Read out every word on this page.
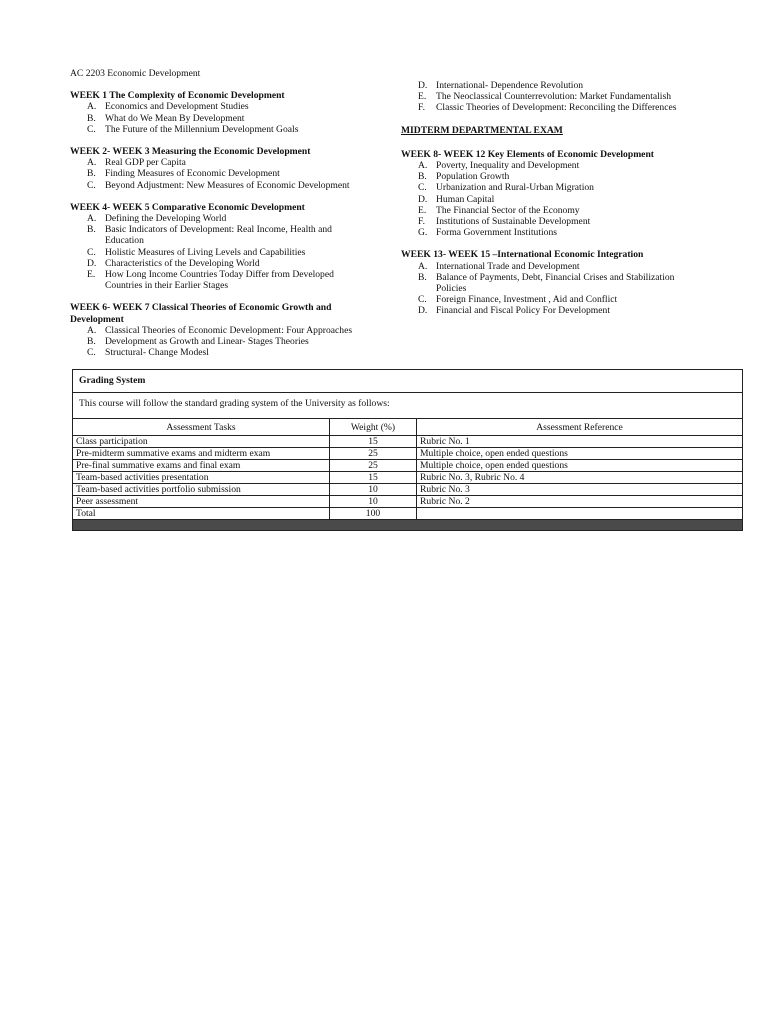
AC 2203 Economic Development
WEEK 1 The Complexity of Economic Development
A. Economics and Development Studies
B. What do We Mean By Development
C. The Future of the Millennium Development Goals
WEEK 2- WEEK 3 Measuring the Economic Development
A. Real GDP per Capita
B. Finding Measures of Economic Development
C. Beyond Adjustment: New Measures of Economic Development
WEEK 4- WEEK 5 Comparative Economic Development
A. Defining the Developing World
B. Basic Indicators of Development: Real Income, Health and Education
C. Holistic Measures of Living Levels and Capabilities
D. Characteristics of the Developing World
E.	How Long Income Countries Today Differ from Developed Countries in their Earlier Stages
WEEK 6- WEEK 7 Classical Theories of Economic Growth and Development
A. Classical Theories of Economic Development: Four Approaches
B. Development as Growth and Linear- Stages Theories
C. Structural- Change Modesl
D. International- Dependence Revolution
E.	The Neoclassical Counterrevolution: Market Fundamentalish
F.	Classic Theories of Development: Reconciling the Differences
MIDTERM DEPARTMENTAL EXAM
WEEK 8- WEEK 12 Key Elements of Economic Development
A. Poverty, Inequality and Development
B. Population Growth
C. Urbanization and Rural-Urban Migration
D. Human Capital
E.	The Financial Sector of the Economy
F.	Institutions of Sustainable Development
G. Forma Government Institutions
WEEK 13- WEEK 15 –International Economic Integration
A. International Trade and Development
B. Balance of Payments, Debt, Financial Crises and Stabilization Policies
C. Foreign Finance, Investment , Aid and Conflict
D. Financial and Fiscal Policy For Development
Grading System
This course will follow the standard grading system of the University as follows:
Assessment Tasks	Weight (%)	Assessment Reference
Class participation	15	Rubric No. 1
Pre-midterm summative exams and midterm exam	25	Multiple choice, open ended questions
Pre-final summative exams and final exam	25	Multiple choice, open ended questions
Team-based activities presentation	15	Rubric No. 3, Rubric No. 4
Team-based activities portfolio submission	10	Rubric No. 3
Peer assessment	10	Rubric No. 2
Total	100	
